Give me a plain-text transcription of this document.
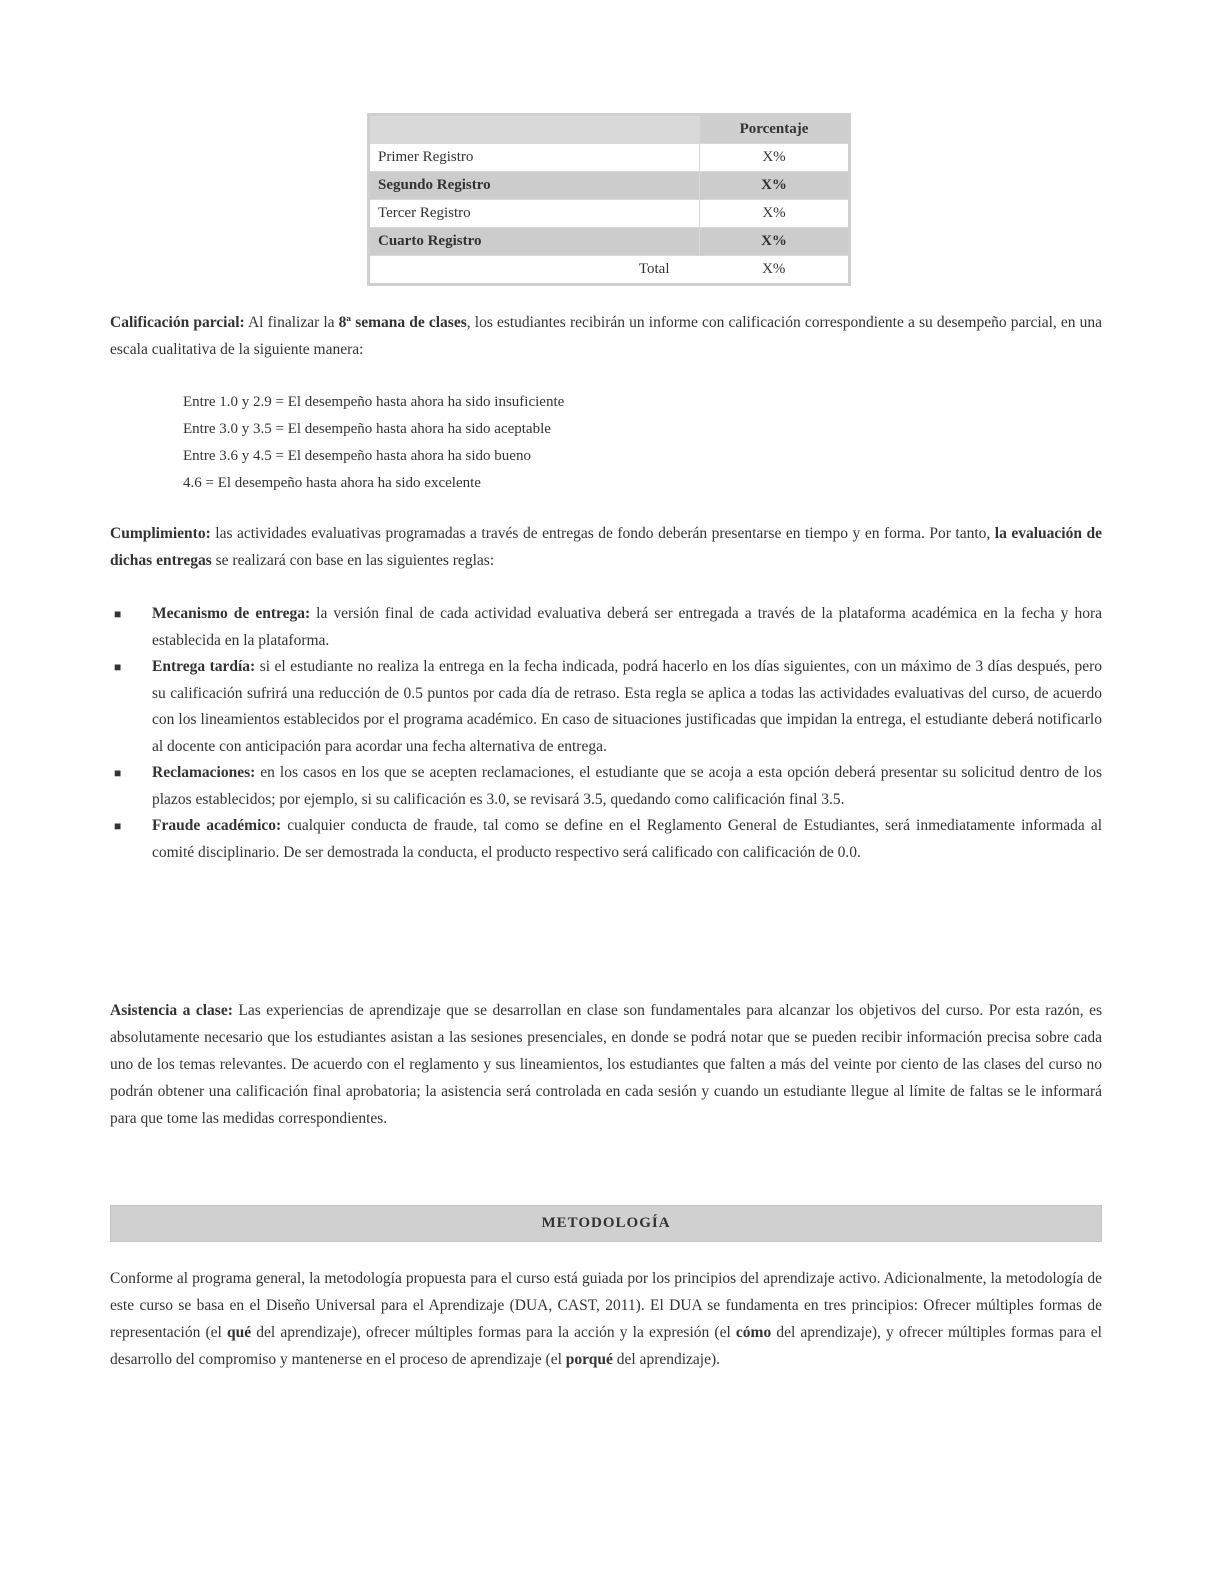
	Porcentaje
Primer Registro	X%
Segundo Registro	X%
Tercer Registro	X%
Cuarto Registro	X%
Total	X%
Calificación parcial: Al finalizar la 8ª semana de clases, los estudiantes recibirán un informe con calificación correspondiente a su desempeño parcial, en una escala cualitativa de la siguiente manera:
Entre 1.0 y 2.9 = El desempeño hasta ahora ha sido insuficiente
Entre 3.0 y 3.5 = El desempeño hasta ahora ha sido aceptable
Entre 3.6 y 4.5 = El desempeño hasta ahora ha sido bueno
4.6 = El desempeño hasta ahora ha sido excelente
Cumplimiento: las actividades evaluativas programadas a través de entregas de fondo deberán presentarse en tiempo y en forma. Por tanto, la evaluación de dichas entregas se realizará con base en las siguientes reglas:
■ Mecanismo de entrega: la versión final de cada actividad evaluativa deberá ser entregada a través de la plataforma académica en la fecha y hora establecida en la plataforma.
■ Entrega tardía: si el estudiante no realiza la entrega en la fecha indicada, podrá hacerlo en los días siguientes, con un máximo de 3 días después, pero su calificación sufrirá una reducción de 0.5 puntos por cada día de retraso. Esta regla se aplica a todas las actividades evaluativas del curso, de acuerdo con los lineamientos establecidos por el programa académico. En caso de situaciones justificadas que impidan la entrega, el estudiante deberá notificarlo al docente con anticipación para acordar una fecha alternativa de entrega.
■ Reclamaciones: en los casos en los que se acepten reclamaciones, el estudiante que se acoja a esta opción deberá presentar su solicitud dentro de los plazos establecidos; por ejemplo, si su calificación es 3.0, se revisará 3.5, quedando como calificación final 3.5.
■ Fraude académico: cualquier conducta de fraude, tal como se define en el Reglamento General de Estudiantes, será inmediatamente informada al comité disciplinario. De ser demostrada la conducta, el producto respectivo será calificado con calificación de 0.0.
Asistencia a clase: Las experiencias de aprendizaje que se desarrollan en clase son fundamentales para alcanzar los objetivos del curso. Por esta razón, es absolutamente necesario que los estudiantes asistan a las sesiones presenciales, en donde se podrá notar que se pueden recibir información precisa sobre cada uno de los temas relevantes. De acuerdo con el reglamento y sus lineamientos, los estudiantes que falten a más del veinte por ciento de las clases del curso no podrán obtener una calificación final aprobatoria; la asistencia será controlada en cada sesión y cuando un estudiante llegue al límite de faltas se le informará para que tome las medidas correspondientes.
METODOLOGÍA
Conforme al programa general, la metodología propuesta para el curso está guiada por los principios del aprendizaje activo. Adicionalmente, la metodología de este curso se basa en el Diseño Universal para el Aprendizaje (DUA, CAST, 2011). El DUA se fundamenta en tres principios: Ofrecer múltiples formas de representación (el qué del aprendizaje), ofrecer múltiples formas para la acción y la expresión (el cómo del aprendizaje), y ofrecer múltiples formas para el desarrollo del compromiso y mantenerse en el proceso de aprendizaje (el porqué del aprendizaje).
